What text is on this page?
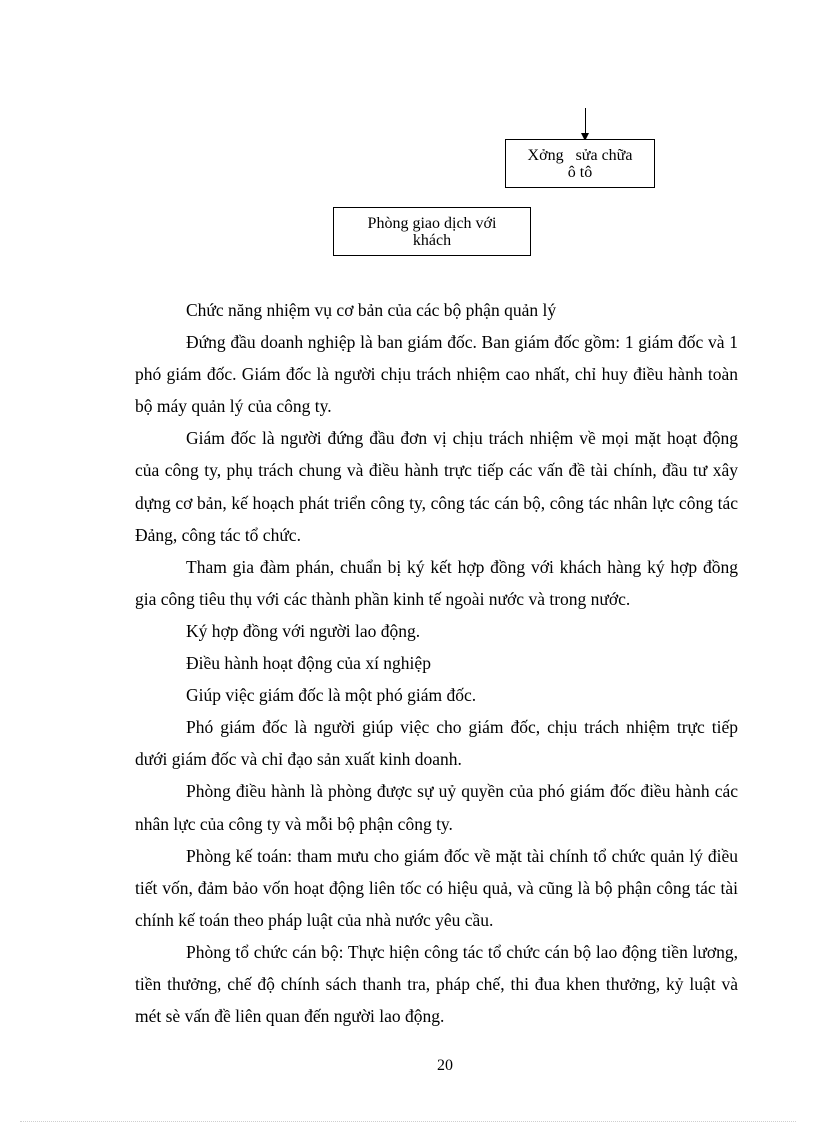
Xởng   sửa chữa
ô tô
Phòng giao dịch với
khách

Chức năng nhiệm vụ cơ bản của các bộ phận quản lý

Đứng đầu doanh nghiệp là ban giám đốc. Ban giám đốc gồm: 1 giám đốc và 1 phó giám đốc. Giám đốc là người chịu trách nhiệm cao nhất, chỉ huy điều hành toàn bộ máy quản lý của công ty.

Giám đốc là người đứng đầu đơn vị chịu trách nhiệm về mọi mặt hoạt động của công ty, phụ trách chung và điều hành trực tiếp các vấn đề tài chính, đầu tư xây dựng cơ bản, kế hoạch phát triển công ty, công tác cán bộ, công tác nhân lực công tác Đảng, công tác tổ chức.

Tham gia đàm phán, chuẩn bị ký kết hợp đồng với khách hàng ký hợp đồng gia công tiêu thụ với các thành phần kinh tế ngoài nước và trong nước.

Ký hợp đồng với người lao động.

Điều hành hoạt động của xí nghiệp

Giúp việc giám đốc là một phó giám đốc.

Phó giám đốc là người giúp việc cho giám đốc, chịu trách nhiệm trực tiếp dưới giám đốc và chỉ đạo sản xuất kinh doanh.

Phòng điều hành là phòng được sự uỷ quyền của phó giám đốc điều hành các nhân lực của công ty và mỗi bộ phận công ty.

Phòng kế toán: tham mưu cho giám đốc về mặt tài chính tổ chức quản lý điều tiết vốn, đảm bảo vốn hoạt động liên tốc có hiệu quả, và cũng là bộ phận công tác tài chính kế toán theo pháp luật của nhà nước yêu cầu.

Phòng tổ chức cán bộ: Thực hiện công tác tổ chức cán bộ lao động tiền lương, tiền thưởng, chế độ chính sách thanh tra, pháp chế, thi đua khen thưởng, kỷ luật và mét sè vấn đề liên quan đến người lao động.

20
